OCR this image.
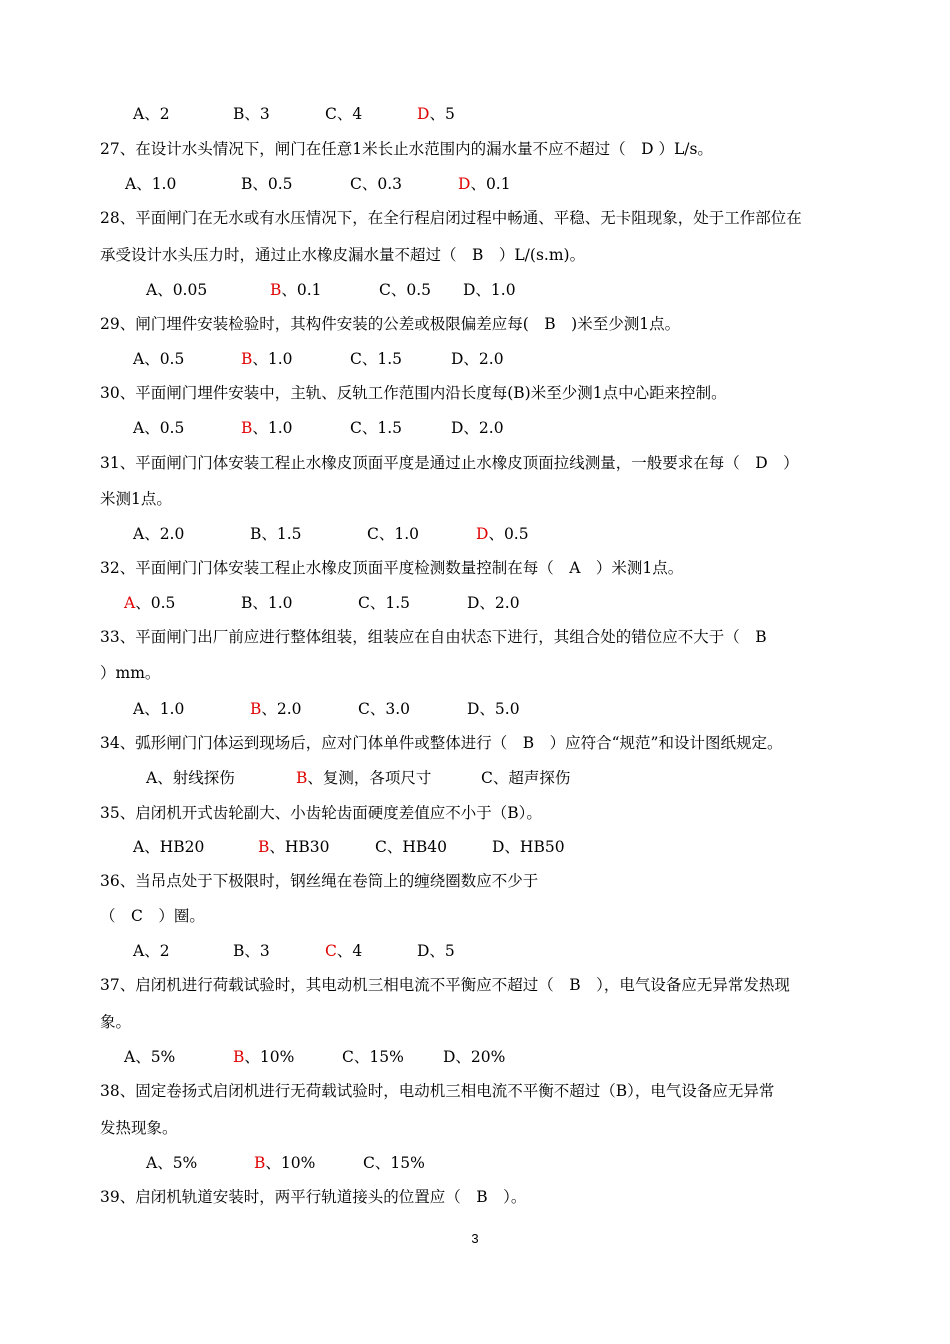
A、2	B、3	C、4	D、5
27、在设计水头情况下，闸门在任意1米长止水范围内的漏水量不应不超过（　D ）L/s。
A、1.0	B、0.5	C、0.3	D、0.1
28、平面闸门在无水或有水压情况下，在全行程启闭过程中畅通、平稳、无卡阻现象，处于工作部位在
承受设计水头压力时，通过止水橡皮漏水量不超过（　B　）L/(s.m)。
A、0.05	B、0.1	C、0.5 D、1.0
29、闸门埋件安装检验时，其构件安装的公差或极限偏差应每(　B　)米至少测1点。
A、0.5	B、1.0	C、1.5	D、2.0
30、平面闸门埋件安装中，主轨、反轨工作范围内沿长度每(B)米至少测1点中心距来控制。
A、0.5	B、1.0	C、1.5	D、2.0
31、平面闸门门体安装工程止水橡皮顶面平度是通过止水橡皮顶面拉线测量，一般要求在每（　D　）
米测1点。
A、2.0	B、1.5	C、1.0	D、0.5
32、平面闸门门体安装工程止水橡皮顶面平度检测数量控制在每（　A　）米测1点。
A、0.5	B、1.0	C、1.5	D、2.0
33、平面闸门出厂前应进行整体组装，组装应在自由状态下进行，其组合处的错位应不大于（　B
）mm。
A、1.0	B、2.0	C、3.0	D、5.0
34、弧形闸门门体运到现场后，应对门体单件或整体进行（　B　）应符合“规范”和设计图纸规定。
A、射线探伤	B、复测，各项尺寸	C、超声探伤
35、启闭机开式齿轮副大、小齿轮齿面硬度差值应不小于（B）。
A、HB20	B、HB30	C、HB40	D、HB50
36、当吊点处于下极限时，钢丝绳在卷筒上的缠绕圈数应不少于
（　C　）圈。
A、2	B、3	C、4	D、5
37、启闭机进行荷载试验时，其电动机三相电流不平衡应不超过（　B　），电气设备应无异常发热现
象。
A、5%	B、10%	C、15%	D、20%
38、固定卷扬式启闭机进行无荷载试验时，电动机三相电流不平衡不超过（B），电气设备应无异常
发热现象。
A、5%	B、10%	C、15%
39、启闭机轨道安装时，两平行轨道接头的位置应（　B　）。
3
